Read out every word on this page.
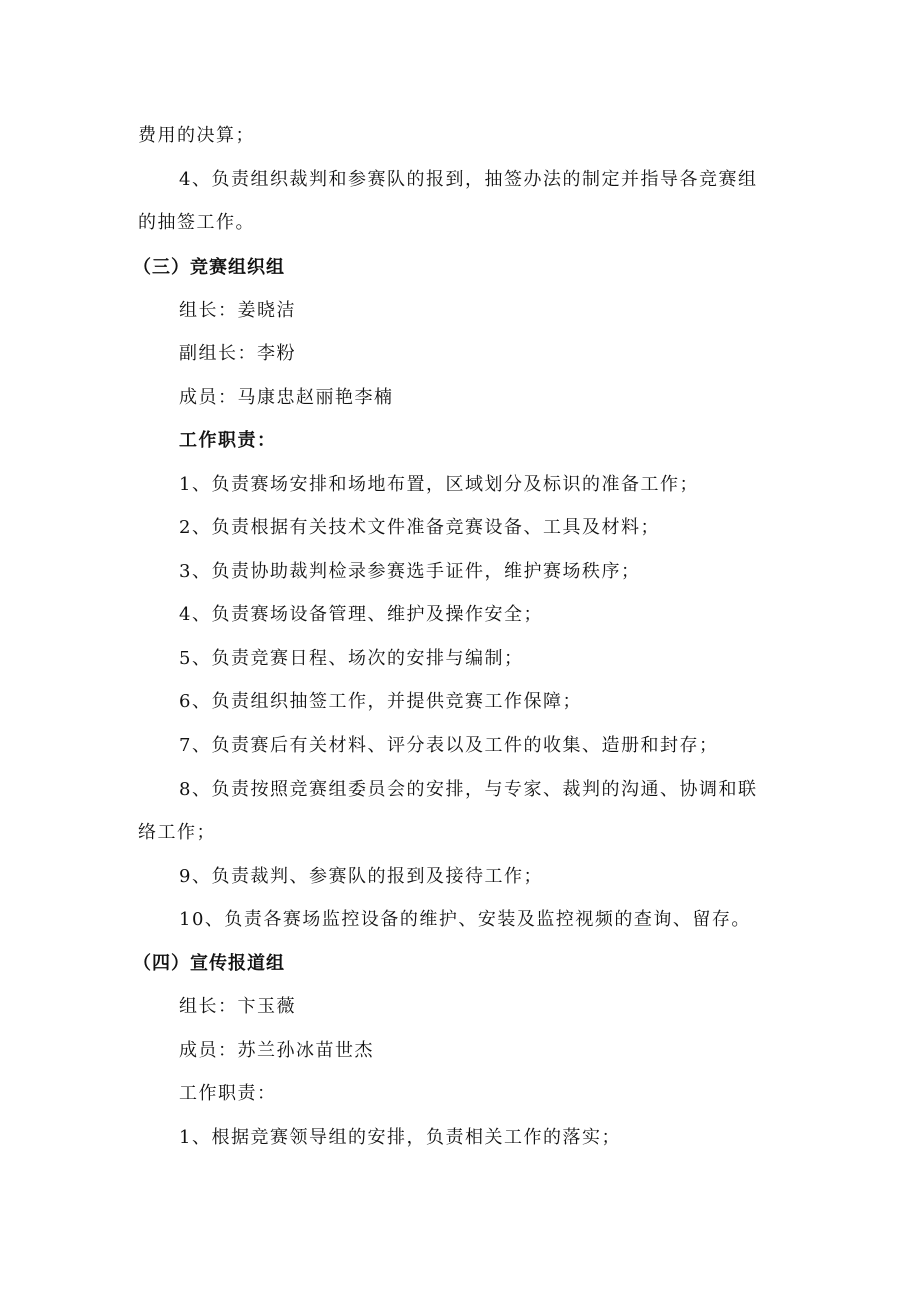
费用的决算；
4、负责组织裁判和参赛队的报到，抽签办法的制定并指导各竞赛组
的抽签工作。
（三）竞赛组织组
组长：姜晓洁
副组长：李粉
成员：马康忠赵丽艳李楠
工作职责：
1、负责赛场安排和场地布置，区域划分及标识的准备工作；
2、负责根据有关技术文件准备竞赛设备、工具及材料；
3、负责协助裁判检录参赛选手证件，维护赛场秩序；
4、负责赛场设备管理、维护及操作安全；
5、负责竞赛日程、场次的安排与编制；
6、负责组织抽签工作，并提供竞赛工作保障；
7、负责赛后有关材料、评分表以及工件的收集、造册和封存；
8、负责按照竞赛组委员会的安排，与专家、裁判的沟通、协调和联
络工作；
9、负责裁判、参赛队的报到及接待工作；
10、负责各赛场监控设备的维护、安装及监控视频的查询、留存。
（四）宣传报道组
组长：卞玉薇
成员：苏兰孙冰苗世杰
工作职责：
1、根据竞赛领导组的安排，负责相关工作的落实；
